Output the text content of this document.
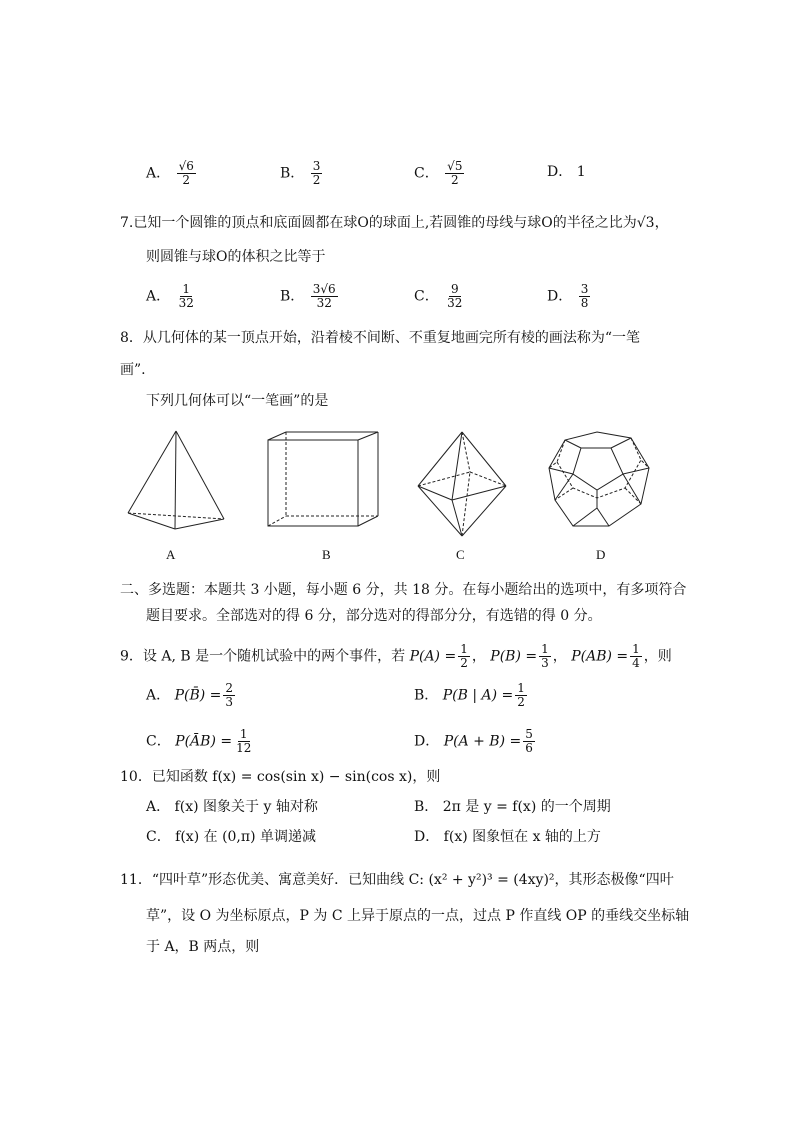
A． $\frac{√6}{2}$	B． $\frac{3}{2}$	C． $\frac{√5}{2}$	D． 1
7.已知一个圆锥的顶点和底面圆都在球O的球面上,若圆锥的母线与球O的半径之比为√3，
则圆锥与球O的体积之比等于
A． $\frac{1}{32}$	B． $\frac{3√6}{32}$	C． $\frac{9}{32}$	D． $\frac{3}{8}$
8．从几何体的某一顶点开始，沿着棱不间断、不重复地画完所有棱的画法称为“一笔
画”.
下列几何体可以“一笔画”的是
A	B	C	D
二、多选题：本题共 3 小题，每小题 6 分，共 18 分。在每小题给出的选项中，有多项符合
题目要求。全部选对的得 6 分，部分选对的得部分分，有选错的得 0 分。
9．设 A, B 是一个随机试验中的两个事件，若 $P(A) = \frac{1}{2}$ ， $P(B) = \frac{1}{3}$ ， $P(AB) = \frac{1}{4}$ ，则
A． P(B̄) = $\frac{2}{3}$	B． P(B | $A) = \frac{1}{2}$
C． P(ĀB) = $\frac{1}{12}$	D． $P(A + B) = \frac{5}{6}$
10．已知函数 f(x) = cos(sin x) − sin(cos x)，则
A． f(x) 图象关于 y 轴对称	B． 2π 是 y = f(x) 的一个周期
C． f(x) 在 (0,π) 单调递减	D． f(x) 图象恒在 x 轴的上方
11．“四叶草”形态优美、寓意美好．已知曲线 C: (x² + y²)³ = (4xy)²，其形态极像“四叶
草”，设 O 为坐标原点，P 为 C 上异于原点的一点，过点 P 作直线 OP 的垂线交坐标轴
于 A，B 两点，则
